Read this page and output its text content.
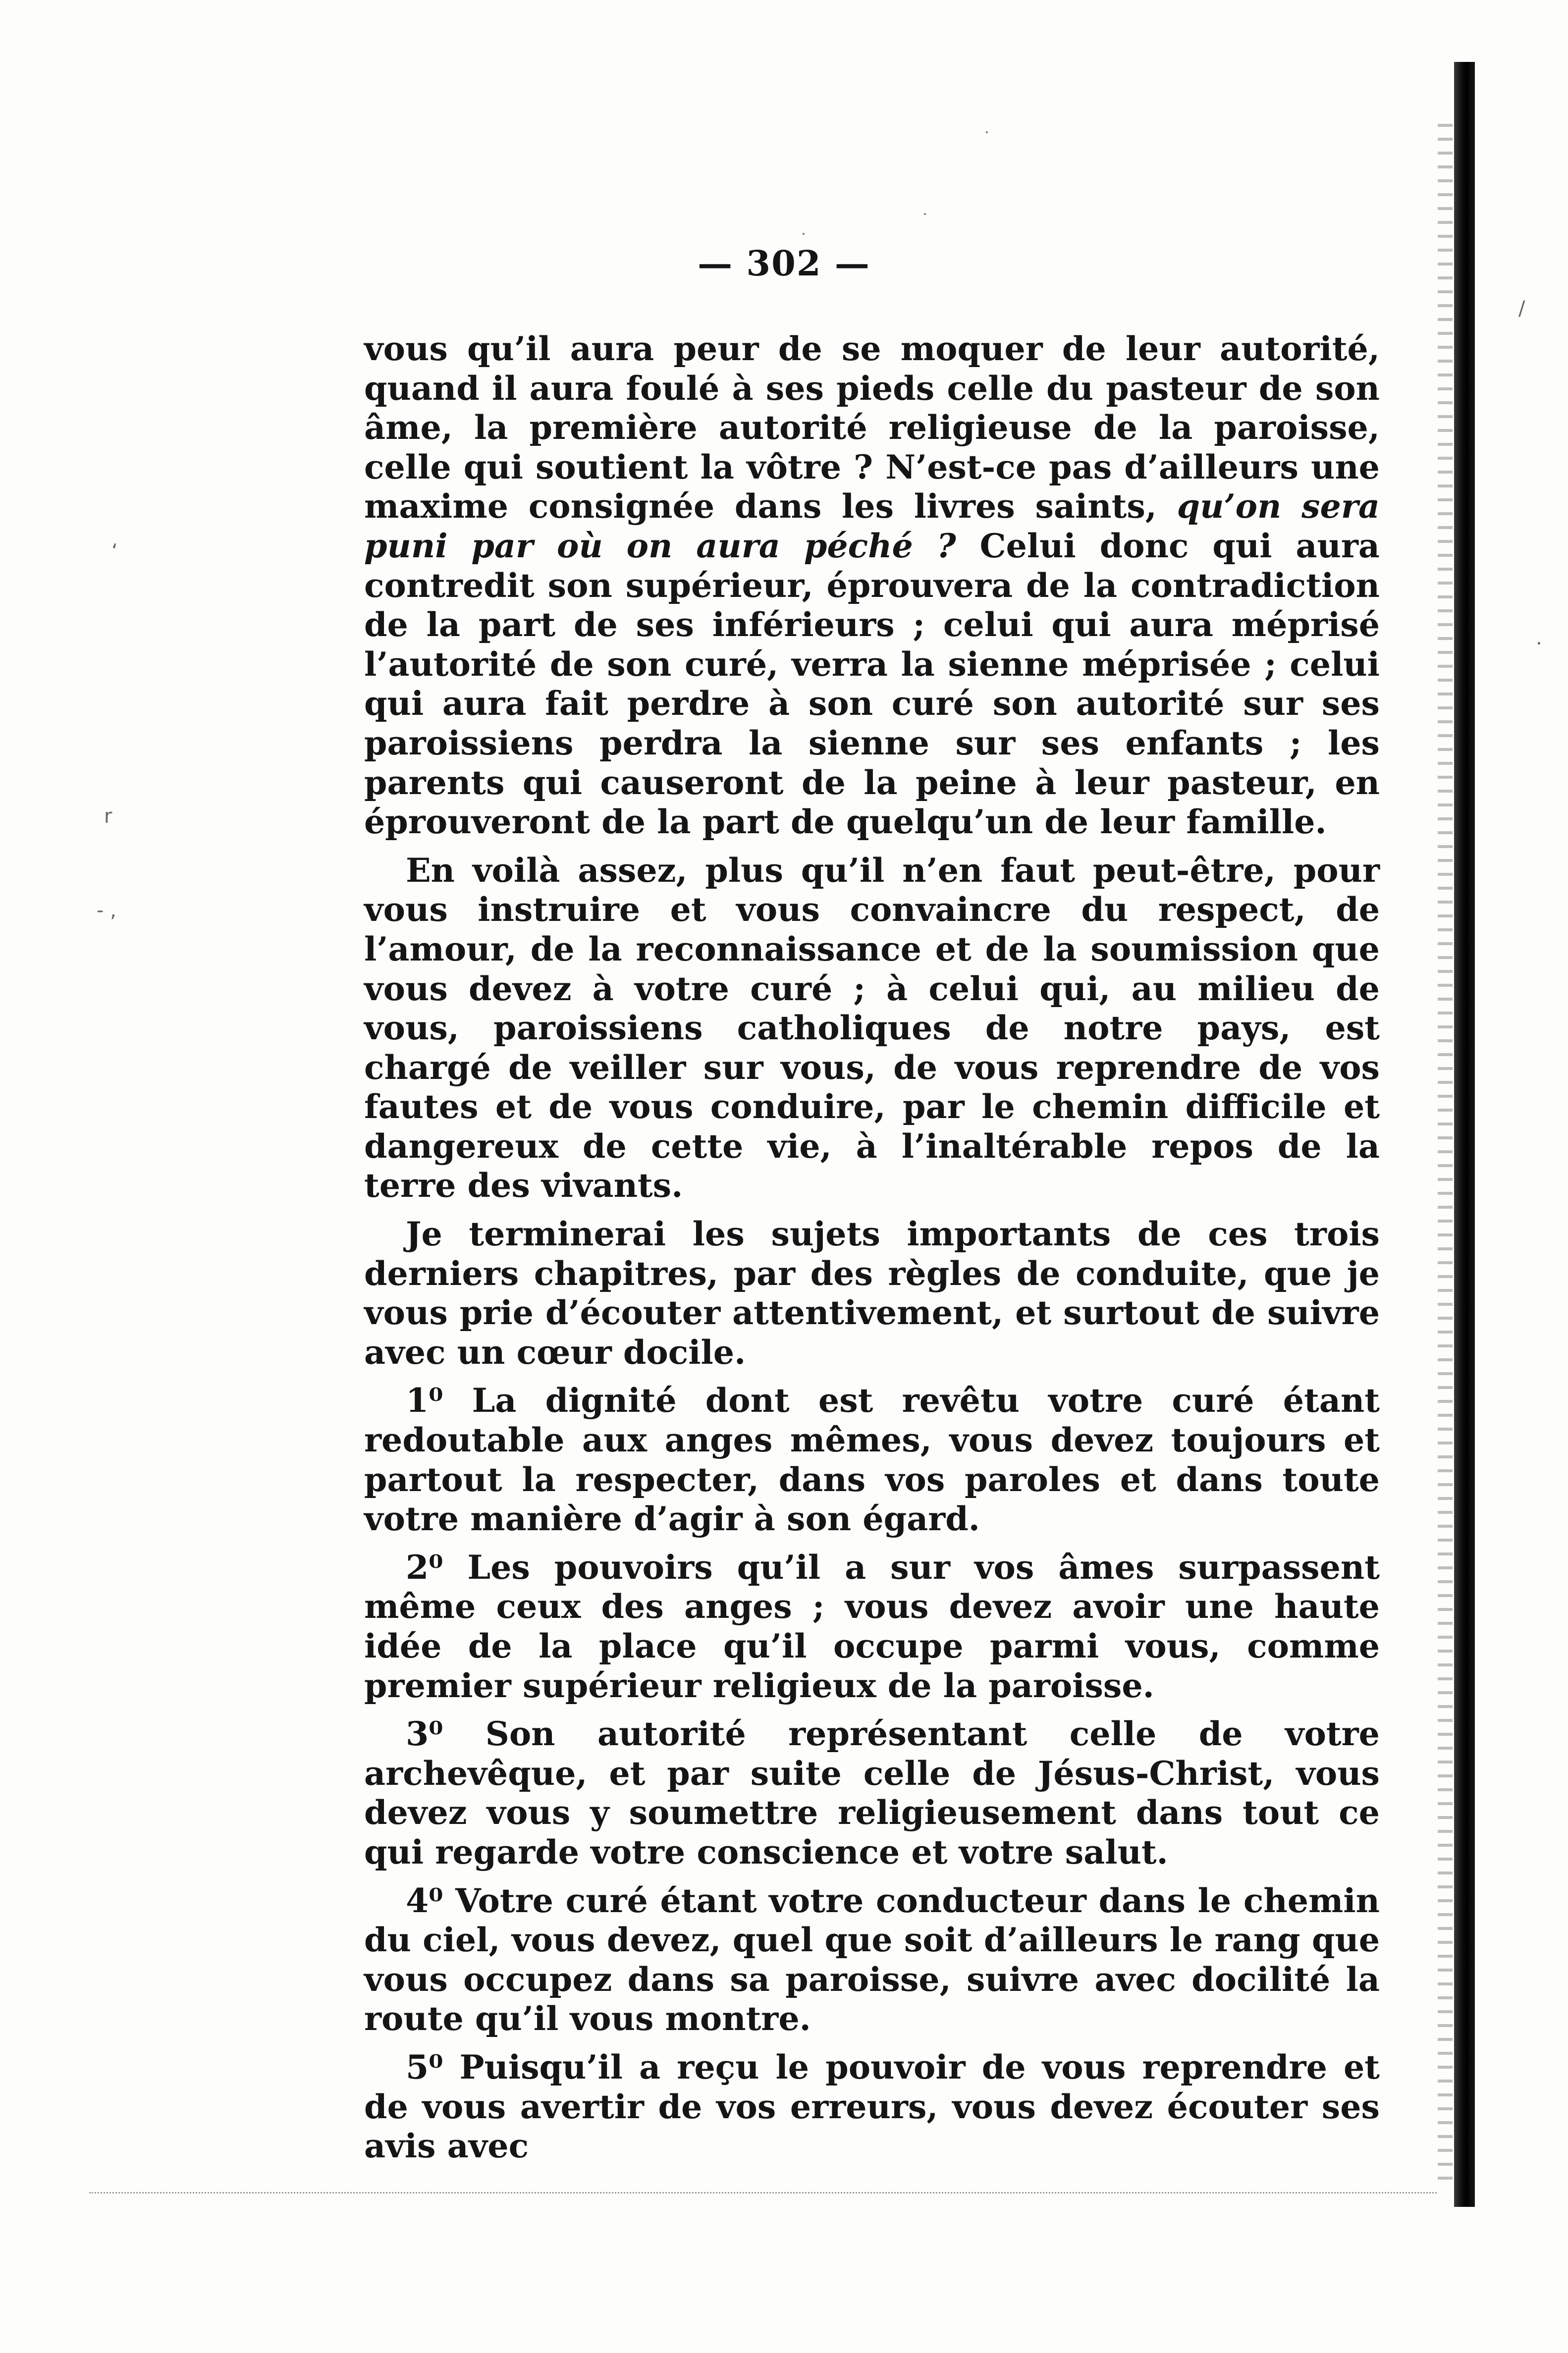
/
‘
r
- ,
.
— 302 —

vous qu’il aura peur de se moquer de leur autorité, quand il aura foulé à ses pieds celle du pasteur de son âme, la première autorité religieuse de la paroisse, celle qui soutient la vôtre ? N’est-ce pas d’ailleurs une maxime consignée dans les livres saints, qu’on sera puni par où on aura péché ? Celui donc qui aura contredit son supérieur, éprouvera de la contradiction de la part de ses inférieurs ; celui qui aura méprisé l’autorité de son curé, verra la sienne méprisée ; celui qui aura fait perdre à son curé son autorité sur ses paroissiens perdra la sienne sur ses enfants ; les parents qui causeront de la peine à leur pasteur, en éprouveront de la part de quelqu’un de leur famille.

En voilà assez, plus qu’il n’en faut peut-être, pour vous instruire et vous convaincre du respect, de l’amour, de la reconnaissance et de la soumission que vous devez à votre curé ; à celui qui, au milieu de vous, paroissiens catholiques de notre pays, est chargé de veiller sur vous, de vous reprendre de vos fautes et de vous conduire, par le chemin difficile et dangereux de cette vie, à l’inaltérable repos de la terre des vivants.

Je terminerai les sujets importants de ces trois derniers chapitres, par des règles de conduite, que je vous prie d’écouter attentivement, et surtout de suivre avec un cœur docile.

1⁰ La dignité dont est revêtu votre curé étant redoutable aux anges mêmes, vous devez toujours et partout la respecter, dans vos paroles et dans toute votre manière d’agir à son égard.

2⁰ Les pouvoirs qu’il a sur vos âmes surpassent même ceux des anges ; vous devez avoir une haute idée de la place qu’il occupe parmi vous, comme premier supérieur religieux de la paroisse.

3⁰ Son autorité représentant celle de votre archevêque, et par suite celle de Jésus-Christ, vous devez vous y soumettre religieusement dans tout ce qui regarde votre conscience et votre salut.

4⁰ Votre curé étant votre conducteur dans le chemin du ciel, vous devez, quel que soit d’ailleurs le rang que vous occupez dans sa paroisse, suivre avec docilité la route qu’il vous montre.

5⁰ Puisqu’il a reçu le pouvoir de vous reprendre et de vous avertir de vos erreurs, vous devez écouter ses avis avec
